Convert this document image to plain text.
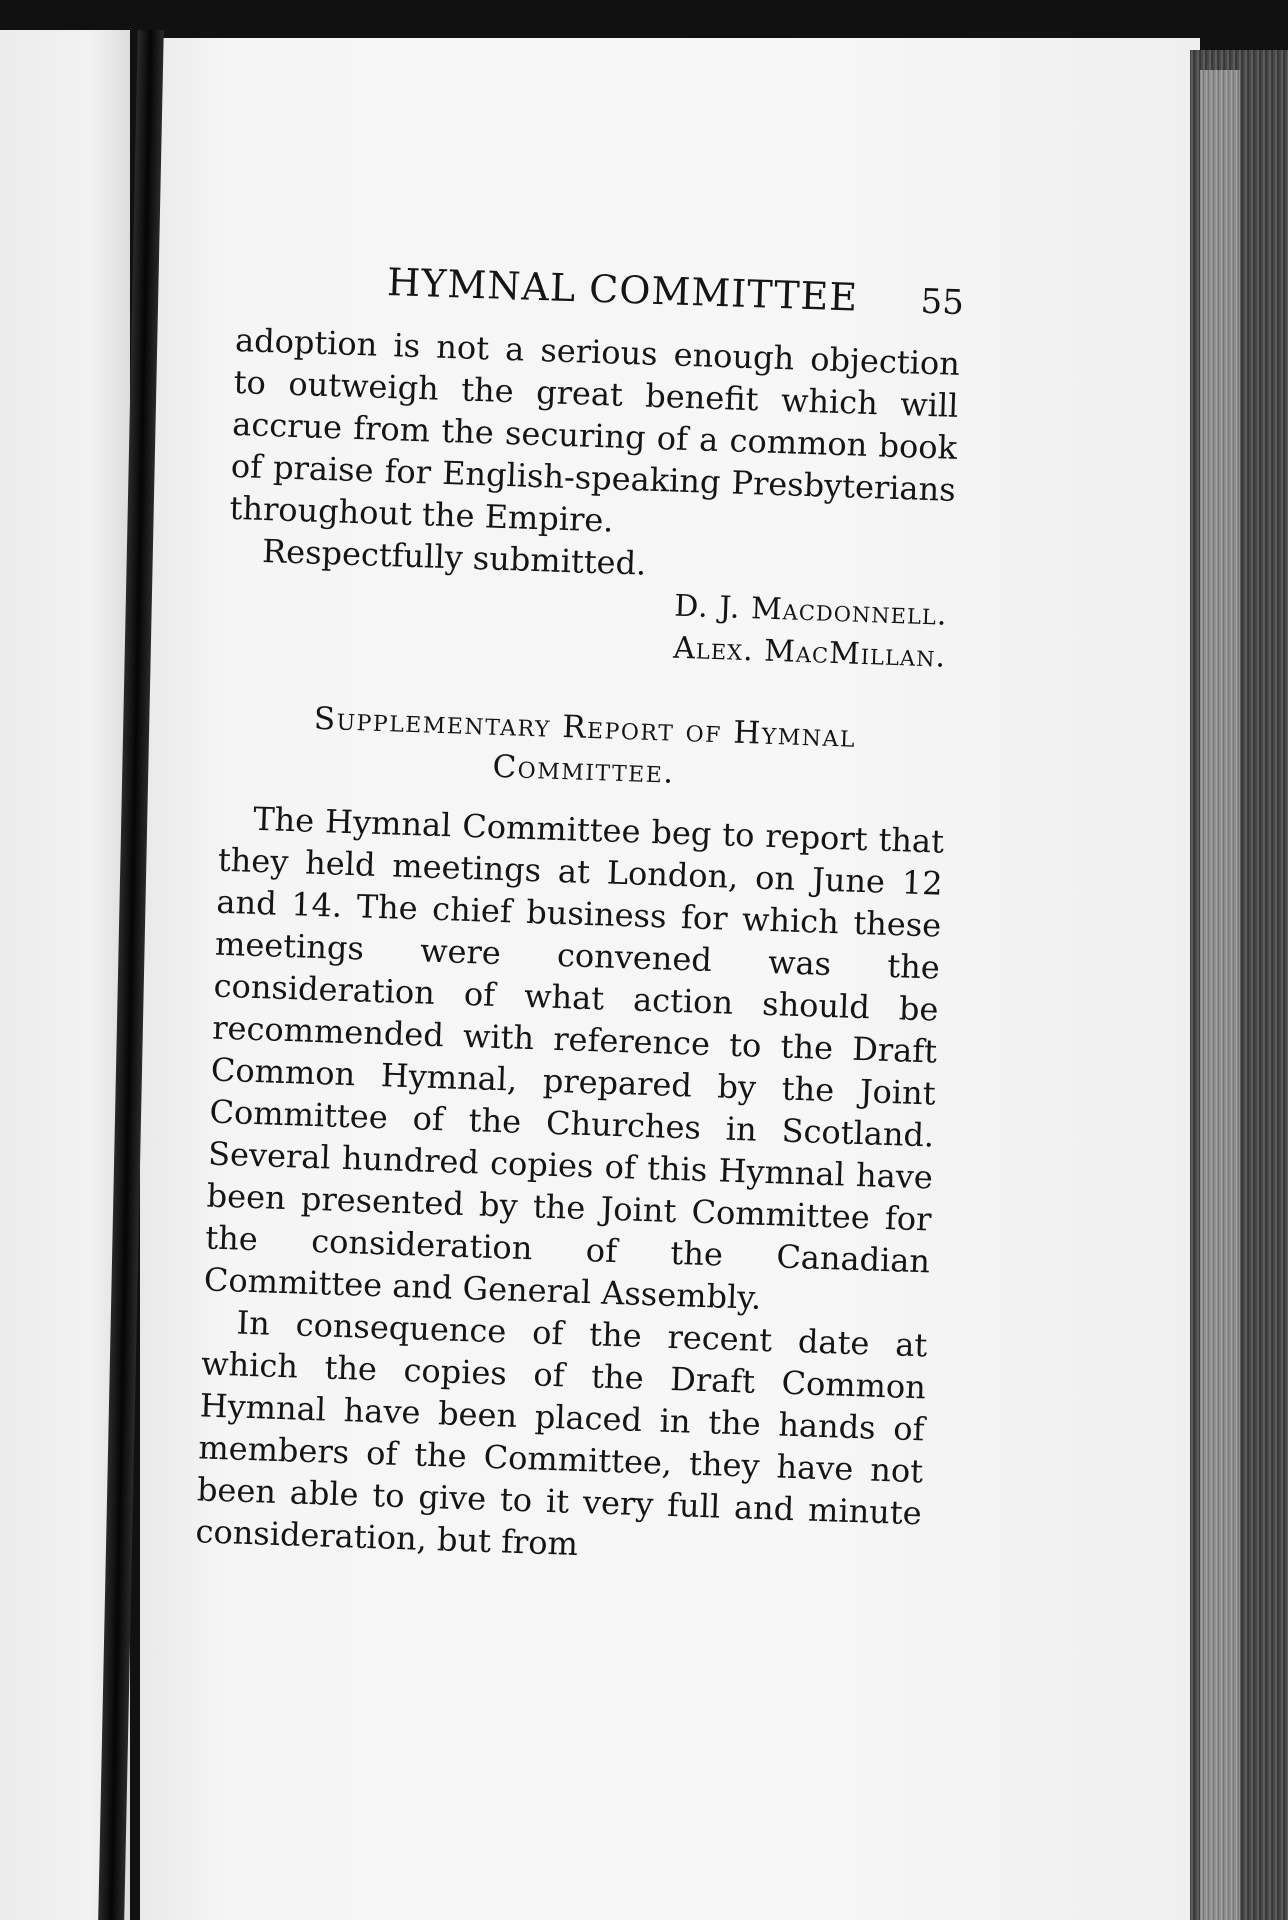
HYMNAL COMMITTEE 55

adoption is not a serious enough objection to outweigh the great benefit which will accrue from the securing of a common book of praise for English-speaking Presbyterians throughout the Empire.

Respectfully submitted.

D. J. Macdonnell.
Alex. MacMillan.
Supplementary Report of Hymnal Committee.

The Hymnal Committee beg to report that they held meetings at London, on June 12 and 14. The chief business for which these meetings were convened was the consideration of what action should be recommended with reference to the Draft Common Hymnal, prepared by the Joint Committee of the Churches in Scotland. Several hundred copies of this Hymnal have been presented by the Joint Committee for the consideration of the Canadian Committee and General Assembly.

In consequence of the recent date at which the copies of the Draft Common Hymnal have been placed in the hands of members of the Committee, they have not been able to give to it very full and minute consideration, but from
